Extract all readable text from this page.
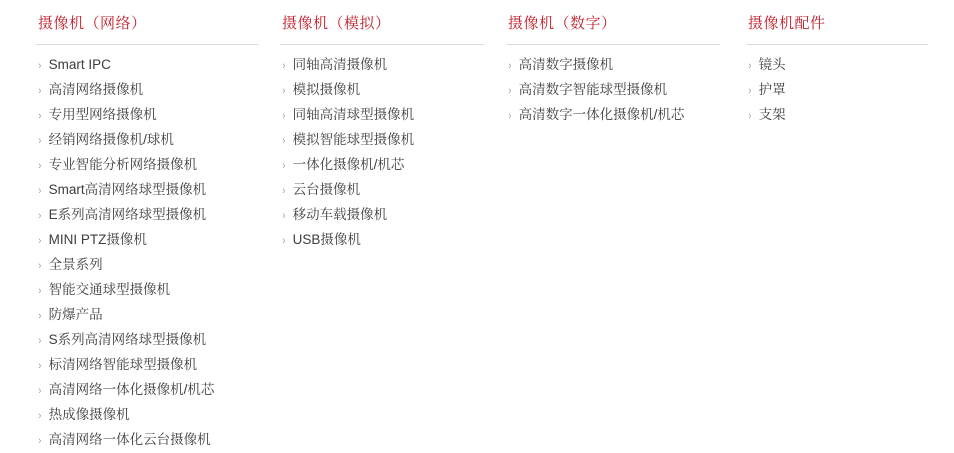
摄像机（网络）
› Smart IPC
› 高清网络摄像机
› 专用型网络摄像机
› 经销网络摄像机/球机
› 专业智能分析网络摄像机
› Smart高清网络球型摄像机
› E系列高清网络球型摄像机
› MINI PTZ摄像机
› 全景系列
› 智能交通球型摄像机
› 防爆产品
› S系列高清网络球型摄像机
› 标清网络智能球型摄像机
› 高清网络一体化摄像机/机芯
› 热成像摄像机
› 高清网络一体化云台摄像机
摄像机（模拟）
› 同轴高清摄像机
› 模拟摄像机
› 同轴高清球型摄像机
› 模拟智能球型摄像机
› 一体化摄像机/机芯
› 云台摄像机
› 移动车载摄像机
› USB摄像机
摄像机（数字）
› 高清数字摄像机
› 高清数字智能球型摄像机
› 高清数字一体化摄像机/机芯
摄像机配件
› 镜头
› 护罩
› 支架
